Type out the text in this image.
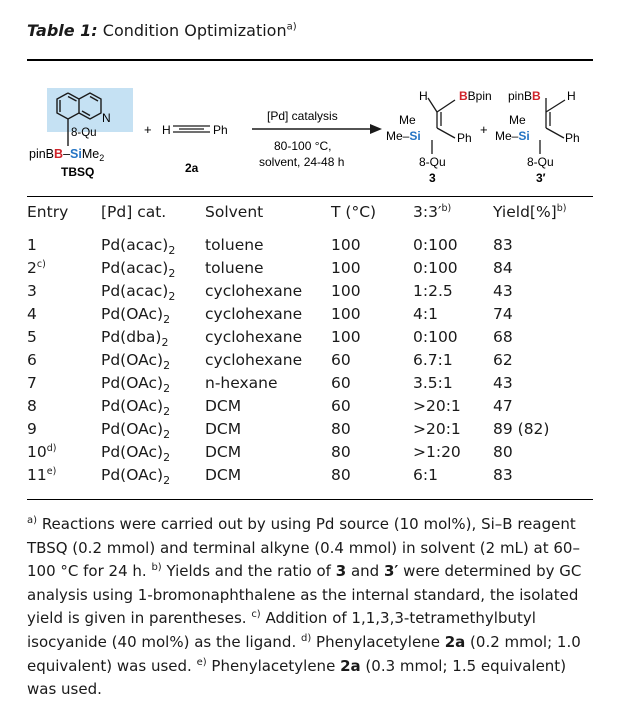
Table 1: Condition Optimization$^{a)}$
N
8-Qu
pinBB–SiMe$_2$
TBSQ
+ H	Ph
2a
[Pd] catalysis
80-100 °C,
solvent, 24-48 h
H	BBpin
Me
Me–Si	Ph
8-Qu
3
+
pinBB H
Me
Me–Si	Ph
8-Qu
3′
Entry	[Pd] cat.	Solvent	T (°C)	$3:3'^{b)}$	Yield[%]$^{b)}$
1	$Pd(acac)_2$	toluene	100	0:100	83
2$^{c)}$	$Pd(acac)_2$	toluene	100	0:100	84
3	$Pd(acac)_2$	cyclohexane	100	1:2.5	43
4	$Pd(OAc)_2$	cyclohexane	100	4:1	74
5	$Pd(dba)_2$	cyclohexane	100	0:100	68
6	$Pd(OAc)_2$	cyclohexane	60	6.7:1	62
7	$Pd(OAc)_2$	n-hexane	60	3.5:1	43
8	$Pd(OAc)_2$	DCM	60	>20:1	47
9	$Pd(OAc)_2$	DCM	80	>20:1	89 (82)
10$^{d)}$	$Pd(OAc)_2$	DCM	80	>1:20	80
11$^{e)}$	$Pd(OAc)_2$	DCM	80	6:1	83
$^{a)}$ Reactions were carried out by using Pd source (10 mol%), Si–B reagent TBSQ (0.2 mmol) and terminal alkyne (0.4 mmol) in solvent (2 mL) at 60–100 °C for 24 h. $^{b)}$ Yields and the ratio of 3 and 3′ were determined by GC analysis using 1-bromonaphthalene as the internal standard, the isolated yield is given in parentheses. $^{c)}$ Addition of 1,1,3,3-tetramethylbutyl isocyanide (40 mol%) as the ligand. $^{d)}$ Phenylacetylene 2a (0.2 mmol; 1.0 equivalent) was used. $^{e)}$ Phenylacetylene 2a (0.3 mmol; 1.5 equivalent) was used.
